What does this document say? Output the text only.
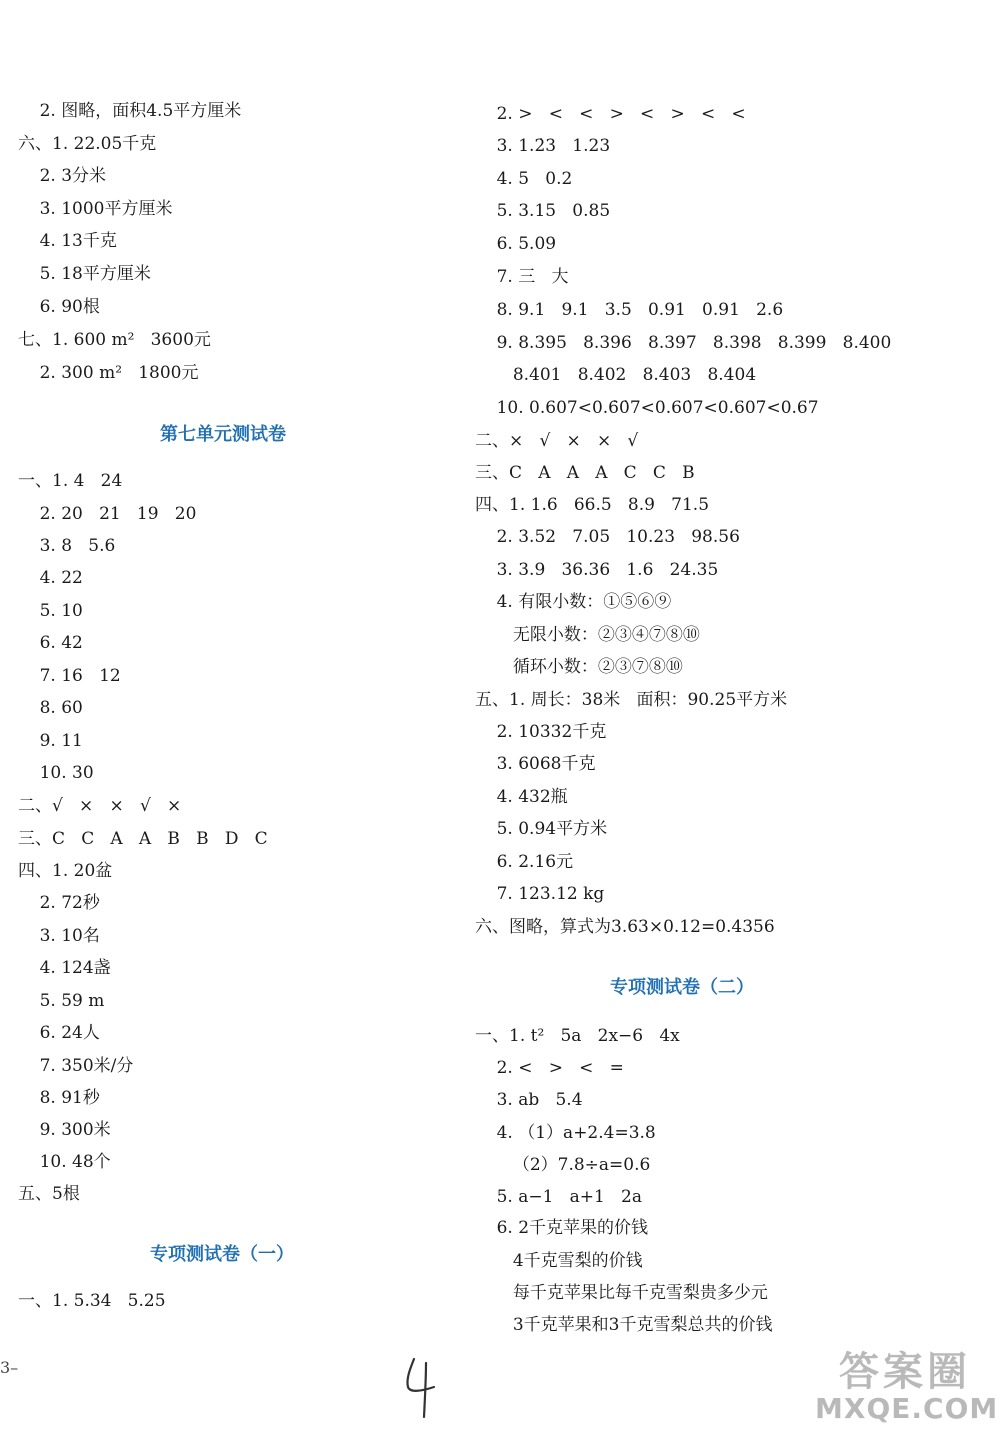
2. 图略，面积4.5平方厘米
六、1. 22.05千克
2. 3分米
3. 1000平方厘米
4. 13千克
5. 18平方厘米
6. 90根
七、1. 600 m²   3600元
2. 300 m²   1800元
第七单元测试卷
一、1. 4   24
2. 20   21   19   20
3. 8   5.6
4. 22
5. 10
6. 42
7. 16   12
8. 60
9. 11
10. 30
二、√   ×   ×   √   ×
三、C   C   A   A   B   B   D   C
四、1. 20盆
2. 72秒
3. 10名
4. 124盏
5. 59 m
6. 24人
7. 350米/分
8. 91秒
9. 300米
10. 48个
五、5根
专项测试卷（一）
一、1. 5.34   5.25
2. >   <   <   >   <   >   <   <
3. 1.2̇3   1.23
4. 5   0.2
5. 3.15   0.85
6. 5.09
7. 三   大
8. 9.1   9.1   3.5   0.91   0.91   2.6
9. 8.395   8.396   8.397   8.398   8.399   8.400
8.401   8.402   8.403   8.404
10. 0.607<0.6̇0̇7<0.60̇7<0.607̇<0.67
二、×   √   ×   ×   √
三、C   A   A   A   C   C   B
四、1. 1.6   66.5   8.9   71.5
2. 3.52   7.05   10.23   98.56
3. 3.9   36.36   1.6   24.35
4. 有限小数：①⑤⑥⑨
无限小数：②③④⑦⑧⑩
循环小数：②③⑦⑧⑩
五、1. 周长：38米   面积：90.25平方米
2. 10332千克
3. 6068千克
4. 432瓶
5. 0.94平方米
6. 2.16元
7. 123.12 kg
六、图略，算式为3.63×0.12=0.4356
专项测试卷（二）
一、1. t²   5a   2x−6   4x
2. <   >   <   =
3. ab   5.4
4. （1）a+2.4=3.8
（2）7.8÷a=0.6
5. a−1   a+1   2a
6. 2千克苹果的价钱
4千克雪梨的价钱
每千克苹果比每千克雪梨贵多少元
3千克苹果和3千克雪梨总共的价钱
3–	答案圈
MXQE.COM
